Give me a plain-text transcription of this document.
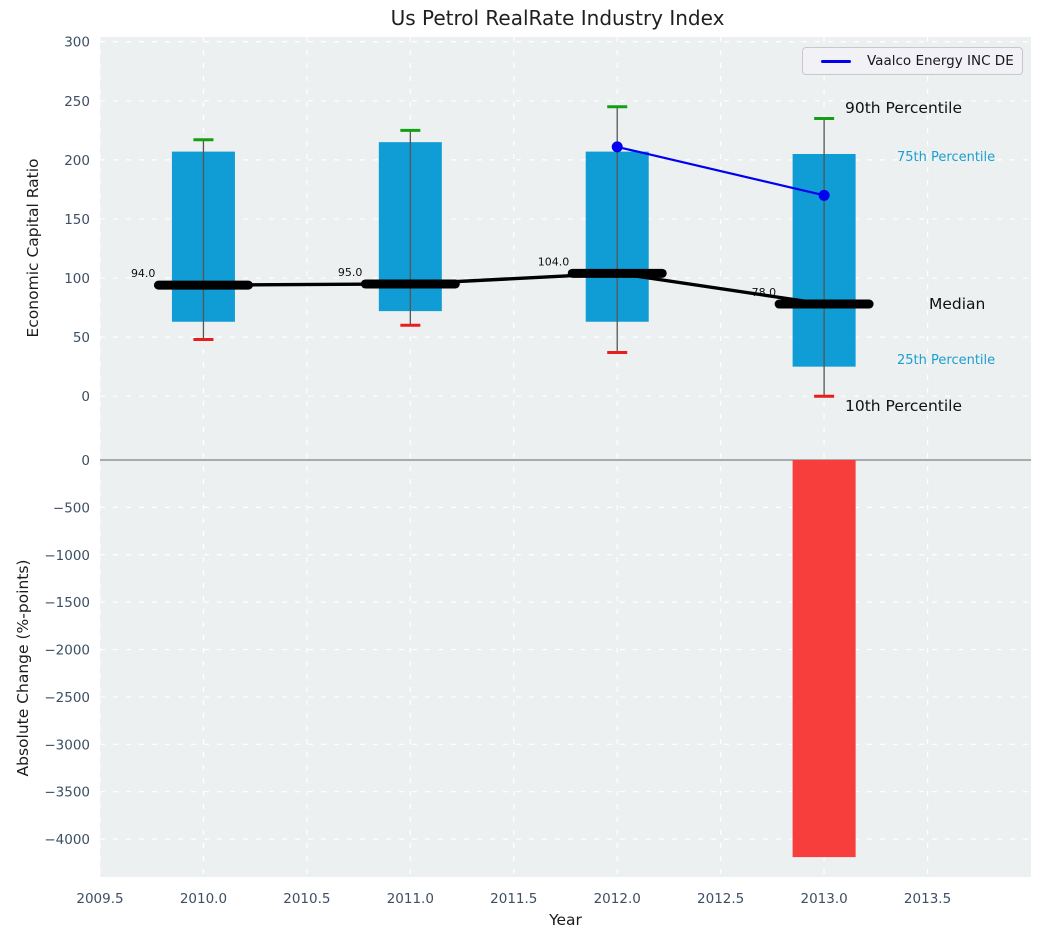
94.0	95.0
104.0
78.0
0
50
100
150
200
250
300
0
−500
−1000
−1500
−2000
−2500
−3000
−3500
−4000
2009.5	2010.0	2010.5	2011.0	2011.5	2012.0	2012.5	2013.0	2013.5
Us Petrol RealRate Industry Index
Economic Capital Ratio
Absolute Change (%-points)
Year
90th Percentile
75th Percentile
Median
25th Percentile
10th Percentile
Vaalco Energy INC DE
